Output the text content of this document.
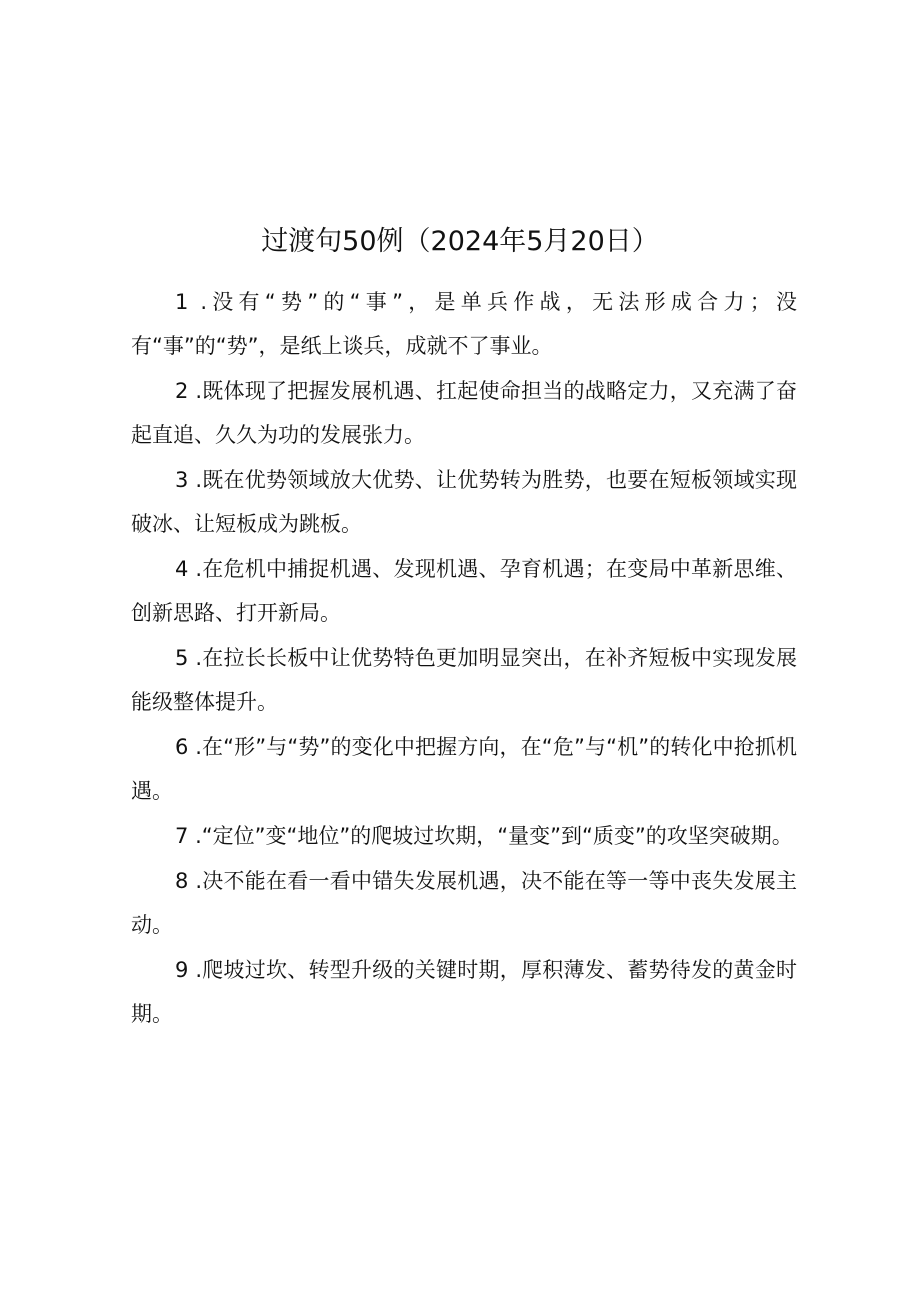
过渡句50例（2024年5月20日）

1 .没有“势”的“事”，是单兵作战，无法形成合力；没有“事”的“势”，是纸上谈兵，成就不了事业。

2 .既体现了把握发展机遇、扛起使命担当的战略定力，又充满了奋起直追、久久为功的发展张力。

3 .既在优势领域放大优势、让优势转为胜势，也要在短板领域实现破冰、让短板成为跳板。

4 .在危机中捕捉机遇、发现机遇、孕育机遇；在变局中革新思维、创新思路、打开新局。

5 .在拉长长板中让优势特色更加明显突出，在补齐短板中实现发展能级整体提升。

6 .在“形”与“势”的变化中把握方向，在“危”与“机”的转化中抢抓机遇。

7 .“定位”变“地位”的爬坡过坎期，“量变”到“质变”的攻坚突破期。

8 .决不能在看一看中错失发展机遇，决不能在等一等中丧失发展主动。

9 .爬坡过坎、转型升级的关键时期，厚积薄发、蓄势待发的黄金时期。
